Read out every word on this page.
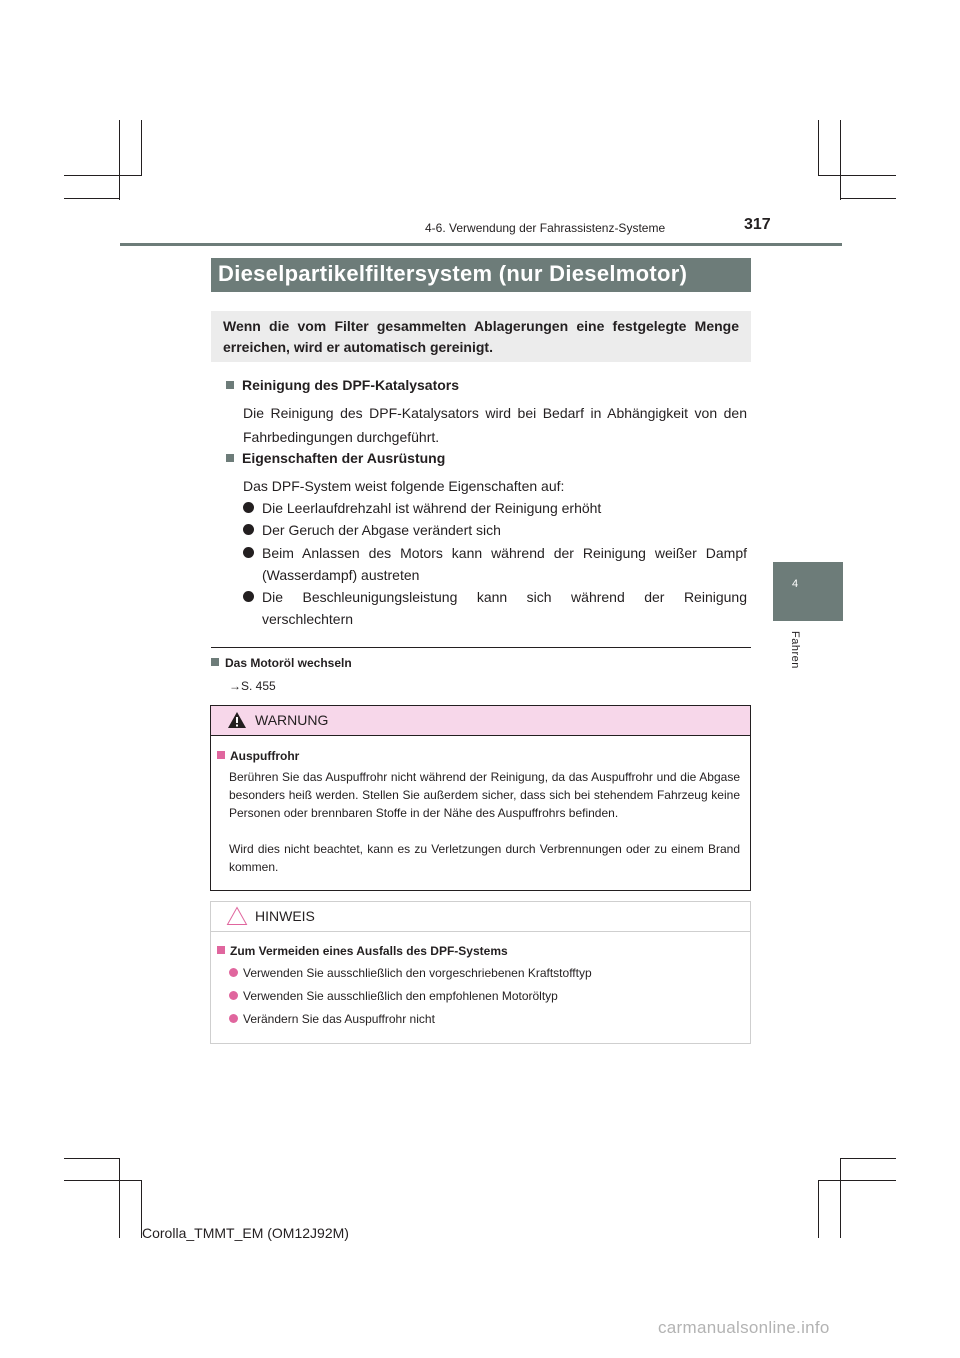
4-6. Verwendung der Fahrassistenz-Systeme	317
4
Fahren
Dieselpartikelfiltersystem (nur Dieselmotor)
Wenn die vom Filter gesammelten Ablagerungen eine festgelegte Menge erreichen, wird er automatisch gereinigt.
Reinigung des DPF-Katalysators
Die Reinigung des DPF-Katalysators wird bei Bedarf in Abhängigkeit von den Fahrbedingungen durchgeführt.
Eigenschaften der Ausrüstung
Das DPF-System weist folgende Eigenschaften auf:
Die Leerlaufdrehzahl ist während der Reinigung erhöht
Der Geruch der Abgase verändert sich
Beim Anlassen des Motors kann während der Reinigung weißer Dampf (Wasserdampf) austreten
Die Beschleunigungsleistung kann sich während der Reinigung verschlechtern
Das Motoröl wechseln
→S. 455
WARNUNG
Auspuffrohr
Berühren Sie das Auspuffrohr nicht während der Reinigung, da das Auspuffrohr und die Abgase besonders heiß werden. Stellen Sie außerdem sicher, dass sich bei stehendem Fahrzeug keine Personen oder brennbaren Stoffe in der Nähe des Auspuffrohrs befinden.
Wird dies nicht beachtet, kann es zu Verletzungen durch Verbrennungen oder zu einem Brand kommen.
HINWEIS
Zum Vermeiden eines Ausfalls des DPF-Systems
Verwenden Sie ausschließlich den vorgeschriebenen Kraftstofftyp
Verwenden Sie ausschließlich den empfohlenen Motoröltyp
Verändern Sie das Auspuffrohr nicht
Corolla_TMMT_EM (OM12J92M)
carmanualsonline.info
